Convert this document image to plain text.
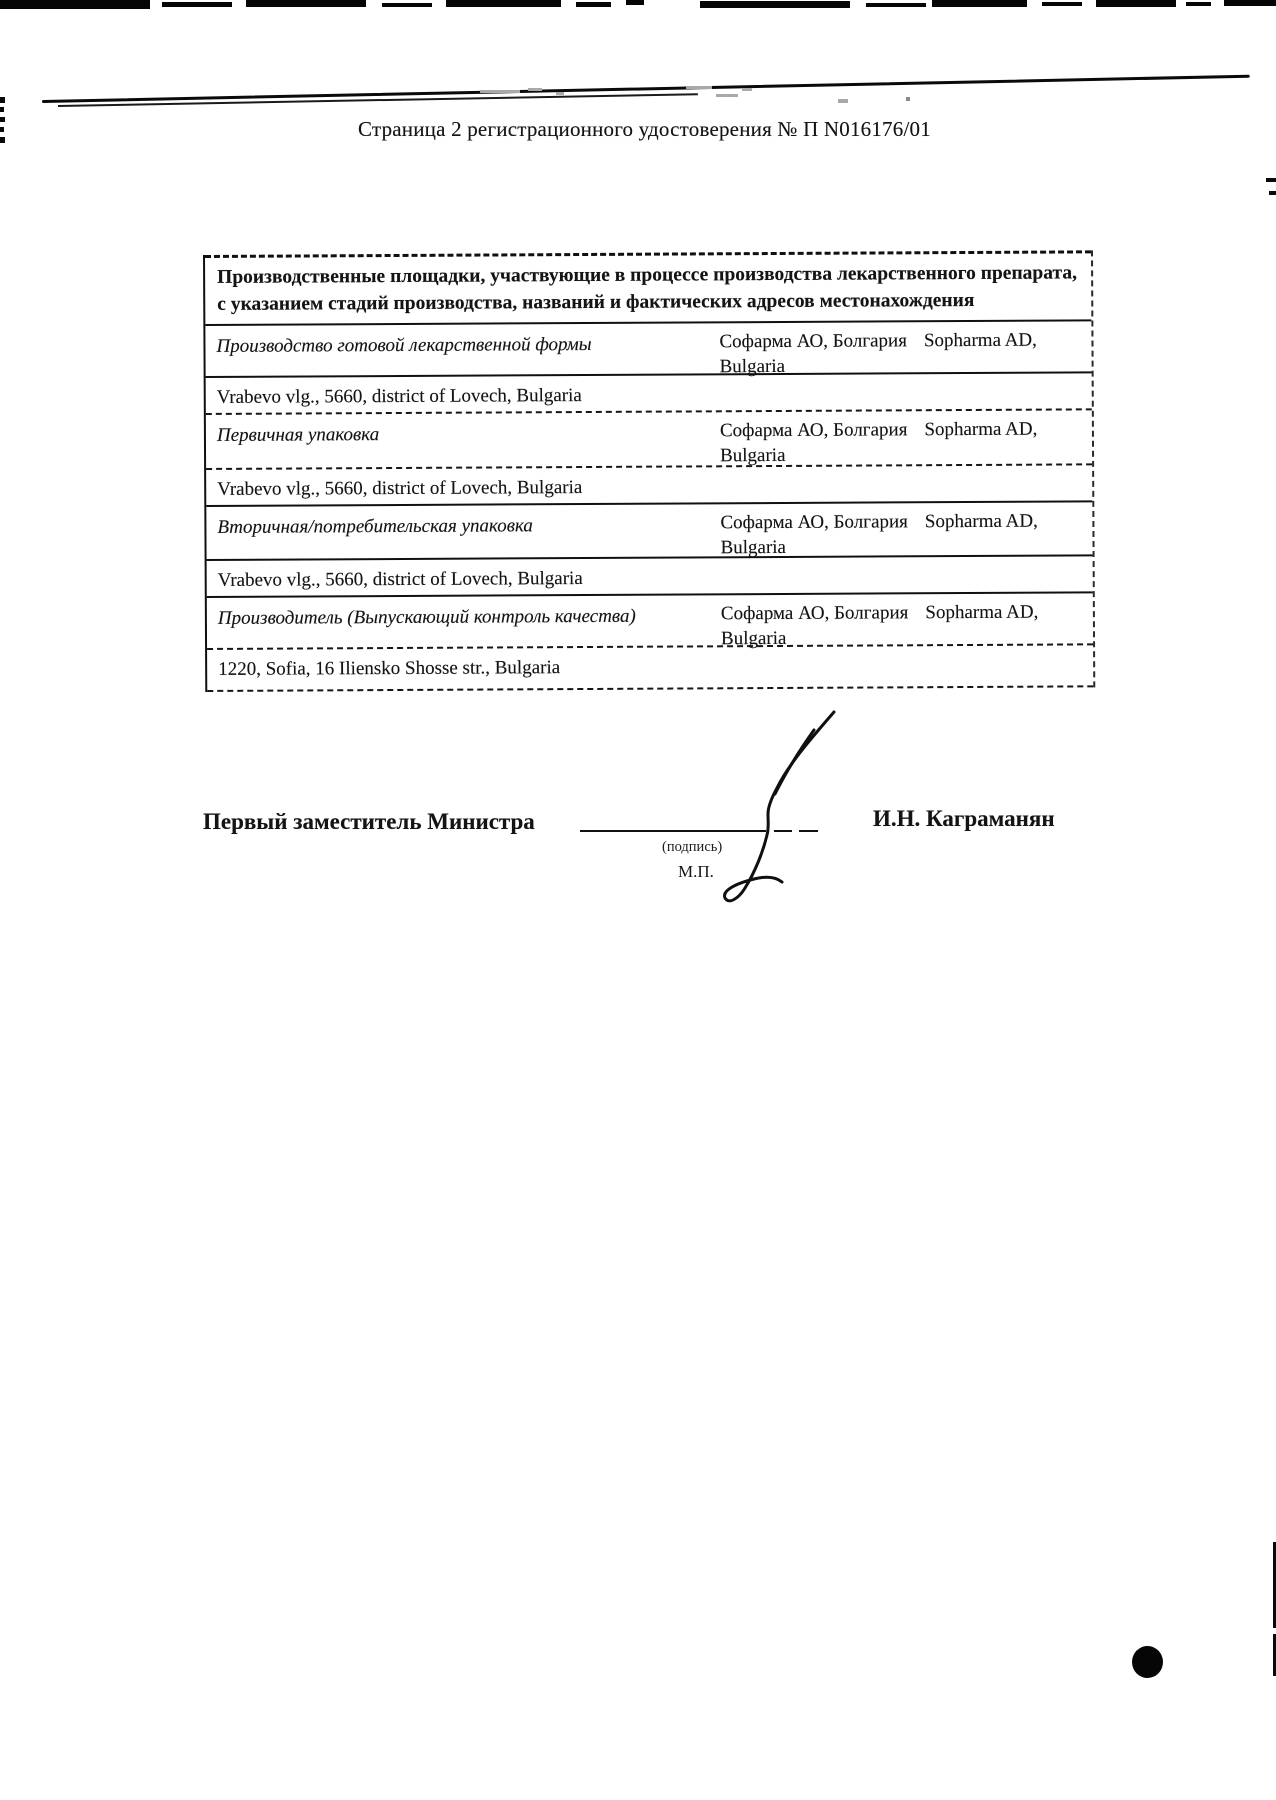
Страница 2 регистрационного удостоверения № П N016176/01
Производственные площадки, участвующие в процессе производства лекарственного препарата, с указанием стадий производства, названий и фактических адресов местонахождения
Производство готовой лекарственной формы	Софарма АО, Болгария Sopharma AD, Bulgaria
Vrabevo vlg., 5660, district of Lovech, Bulgaria
Первичная упаковка	Софарма АО, Болгария Sopharma AD, Bulgaria
Vrabevo vlg., 5660, district of Lovech, Bulgaria
Вторичная/потребительская упаковка	Софарма АО, Болгария Sopharma AD, Bulgaria
Vrabevo vlg., 5660, district of Lovech, Bulgaria
Производитель (Выпускающий контроль качества)	Софарма АО, Болгария Sopharma AD, Bulgaria
1220, Sofia, 16 Iliensko Shosse str., Bulgaria
Первый заместитель Министра
(подпись)
М.П.
И.Н. Каграманян
